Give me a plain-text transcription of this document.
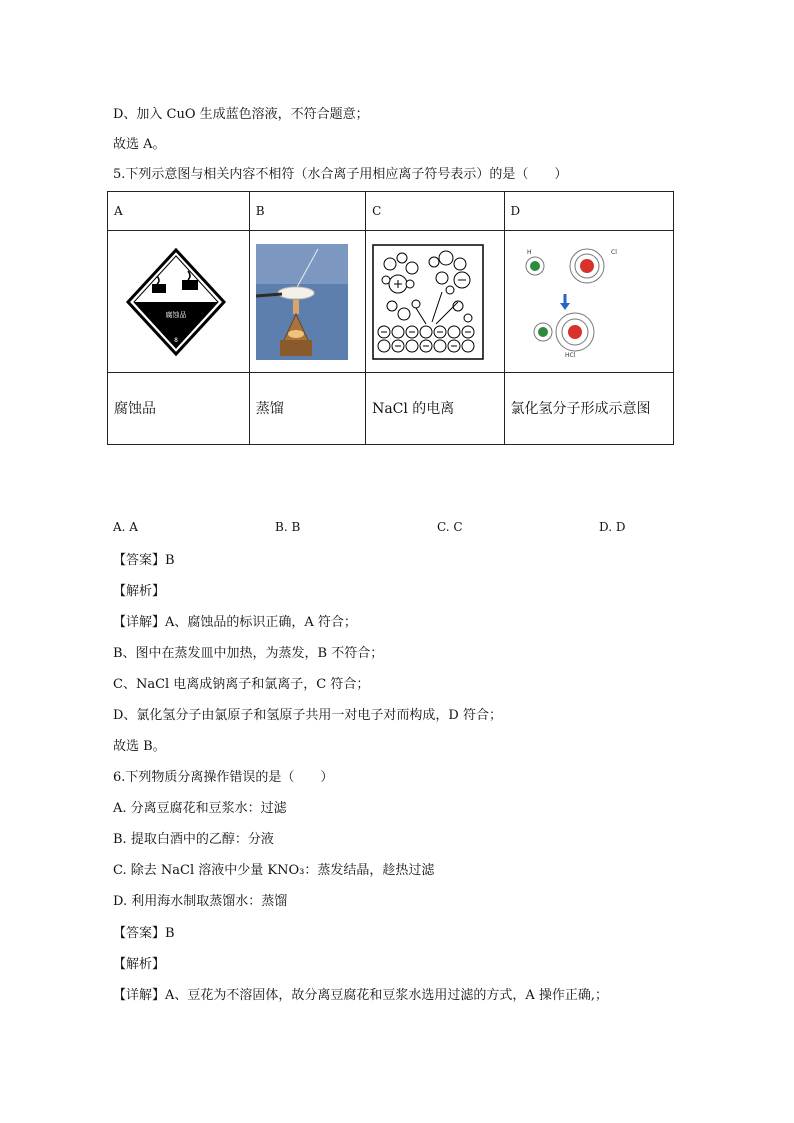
D、加入 CuO 生成蓝色溶液，不符合题意；
故选 A。
5.下列示意图与相关内容不相符（水合离子用相应离子符号表示）的是（　　）
A	B	C	D

腐蚀品
8			H Cl
HCl

腐蚀品	蒸馏	NaCl 的电离	氯化氢分子形成示意图
A. A	B. B	C. C	D. D
【答案】B
【解析】
【详解】A、腐蚀品的标识正确，A 符合；
B、图中在蒸发皿中加热，为蒸发，B 不符合；
C、NaCl 电离成钠离子和氯离子，C 符合；
D、氯化氢分子由氯原子和氢原子共用一对电子对而构成，D 符合；
故选 B。
6.下列物质分离操作错误的是（　　）
A. 分离豆腐花和豆浆水：过滤
B. 提取白酒中的乙醇：分液
C. 除去 NaCl 溶液中少量 KNO₃：蒸发结晶，趁热过滤
D. 利用海水制取蒸馏水：蒸馏
【答案】B
【解析】
【详解】A、豆花为不溶固体，故分离豆腐花和豆浆水选用过滤的方式，A 操作正确,；
